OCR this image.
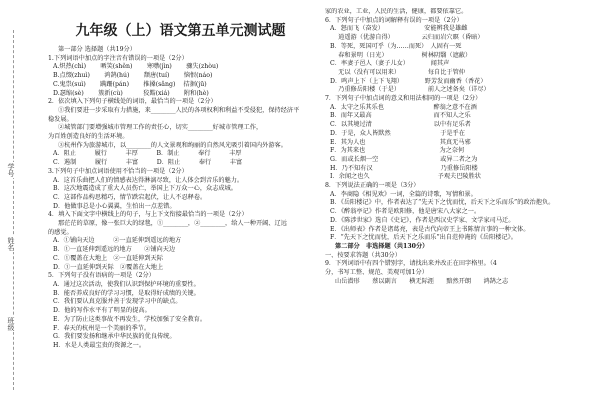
学号
姓名
班级
九年级（上）语文第五单元测试题
第一部分 选择题（共19分）
1.下列词语中加点的字注音有错误的一项是（2分）
A.炽热(chì)　　 哂笑(shěn)　　 寒噤(jìn)　　 骤失(zhòu)
B.点缀(zhuì)　　 鸿鹄(hú)　　 颓唐(tuí)　　 恼恨(náo)
C.鬼祟(suì)　　 蹒跚(pán)　　 推搡(sǎng)　 拮据(jū)
D.瑟缩(sè)　　 簇新(cù)　　　 狡黠(xiá)　　 附和(hè)
2．依次填入下列句子横线处的词语，最恰当的一项是（2分）
①我们要进一步采取有力措施，来________人民的各项权利和利益不受侵犯，保持经济平
稳发展。
②城管部门要增强城市管理工作的责任心，切实________好城市管理工作，
为百姓创造良好的生活环境。
③杭州作为旅游城市，以________的人文景观和绚丽的自然风光吸引着国内外游客。
A．阻止　　　履行　　　丰厚　　　B．制止　　　奉行　　　丰厚
C．遏制　　　履行　　　丰富　　　D．阻止　　　奉行　　　丰富
3.下列句子中加点词语使用不恰当的一项是（2分）
A．这首乐曲把人们的情感表达得淋漓尽致，让人体会到音乐的魅力。
B．这次地震造成了重大人员伤亡，举国上下万众一心，众志成城。
C．这部作品构思精巧，情节跌宕起伏，让人不忍释卷。
D．他做事总是小心翼翼，生怕出一点差错。
4．填入下面文字中横线上的句子，与上下文衔接最恰当的一项是（2分）
那茫茫的草原，像一张巨大的绿毯，①________，②________，给人一种开阔、辽远
的感觉。
A．①铺向天边　　　②一直延伸到遥远的地方
B．①一直延伸到遥远的地方　　②铺向天边
C．①覆盖在大地上　②一直延伸到天际
D．①一直延伸到天际　②覆盖在大地上
5．下列句子没有语病的一项是（2分）
A．通过这次活动，使我们认识到保护环境的重要性。
B．能否养成良好的学习习惯，是取得好成绩的关键。
C．我们要认真克服并善于发现学习中的缺点。
D．他的写作水平有了明显的提高。
E．为了防止这类事故不再发生，学校加强了安全教育。
F．春天的杭州是一个美丽的季节。
G．我们要发扬和继承中华民族的优良传统。
H．水是人类最宝贵的资源之一。
家的农业，工业，人民的生活，健康，都要依靠它。
6．下列句子中加点的词解释有误的一项是（2分）
A．怒而飞（奋发）　　　　　　　安能辨我是雄雌
　 逍遥游（优游自得）　　　　　云归而岩穴暝（昏暗）
B．等死，死国可乎（为……而死）　人固有一死
　 春和景明（日光）　　　　　　树林阴翳（遮蔽）
C．率妻子邑人（妻子儿女）　　　　闻其声
　 无以（没有可以用来）　　　　　每自比于管仲
D．鸣声上下（上下飞翔）　　　　野芳发而幽香（香花）
　 乃重修岳阳楼（于是）　　　　　前人之述备矣（详尽）
7．下列句子中加点词的意义和用法相同的一项是（2分）
A．太守之乐其乐也　　　　　　　　醉翁之意不在酒
B．而年又最高　　　　　　　　　　而不知人之乐
C．以其境过清　　　　　　　　　　以中有足乐者
D．于是，众人皆默然　　　　　　　　于是乎在
E．其为人也　　　　　　　　　　　　其真无马邪
F．为其来也　　　　　　　　　　　　为之奈何
G．而或长烟一空　　　　　　　　　　或异二者之为
H．乃不知有汉　　　　　　　　　　　乃重修岳阳楼
I．余闻之也久　　　　　　　　　　　予观夫巴陵胜状
8．下列说法正确的一项是（3分）
A．李商隐《相见欢》一词，全篇的诗歌，写情和景。
B．《岳阳楼记》中，作者表达了“先天下之忧而忧，后天下之乐而乐”的政治抱负。
C．《醉翁亭记》作者是欧阳修，他是唐宋八大家之一。
D．《陈涉世家》选自《史记》，作者是西汉史学家、文学家司马迁。
E．《出师表》作者是诸葛亮，表是古代向帝王上书陈情言事的一种文体。
F．“先天下之忧而忧，后天下之乐而乐”出自范仲淹的《岳阳楼记》。
第二部分　非选择题（共130分）
一、按要求答题（共30分）
9．下列词语中有四个错别字，请找出来并改正在田字格里。（4
分，书写工整、规范、美观可加1分）
山岳潜形　　蔡以副言　　横无际涯　　黯然开朗　　鸿鹄之志
